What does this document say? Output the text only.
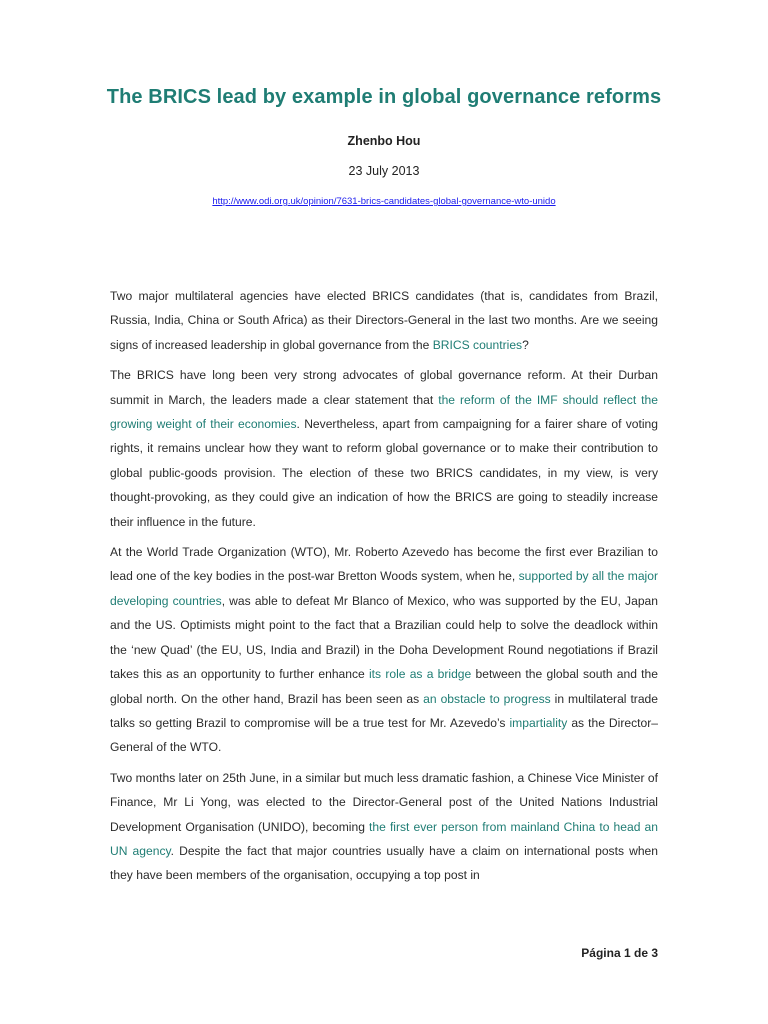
The BRICS lead by example in global governance reforms
Zhenbo Hou
23 July 2013
http://www.odi.org.uk/opinion/7631-brics-candidates-global-governance-wto-unido

Two major multilateral agencies have elected BRICS candidates (that is, candidates from Brazil, Russia, India, China or South Africa) as their Directors-General in the last two months. Are we seeing signs of increased leadership in global governance from the BRICS countries?

The BRICS have long been very strong advocates of global governance reform. At their Durban summit in March, the leaders made a clear statement that the reform of the IMF should reflect the growing weight of their economies. Nevertheless, apart from campaigning for a fairer share of voting rights, it remains unclear how they want to reform global governance or to make their contribution to global public-goods provision. The election of these two BRICS candidates, in my view, is very thought-provoking, as they could give an indication of how the BRICS are going to steadily increase their influence in the future.

At the World Trade Organization (WTO), Mr. Roberto Azevedo has become the first ever Brazilian to lead one of the key bodies in the post-war Bretton Woods system, when he, supported by all the major developing countries, was able to defeat Mr Blanco of Mexico, who was supported by the EU, Japan and the US. Optimists might point to the fact that a Brazilian could help to solve the deadlock within the ‘new Quad’ (the EU, US, India and Brazil) in the Doha Development Round negotiations if Brazil takes this as an opportunity to further enhance its role as a bridge between the global south and the global north. On the other hand, Brazil has been seen as an obstacle to progress in multilateral trade talks so getting Brazil to compromise will be a true test for Mr. Azevedo’s impartiality as the Director–General of the WTO.

Two months later on 25th June, in a similar but much less dramatic fashion, a Chinese Vice Minister of Finance, Mr Li Yong, was elected to the Director-General post of the United Nations Industrial Development Organisation (UNIDO), becoming the first ever person from mainland China to head an UN agency. Despite the fact that major countries usually have a claim on international posts when they have been members of the organisation, occupying a top post in

Página 1 de 3
